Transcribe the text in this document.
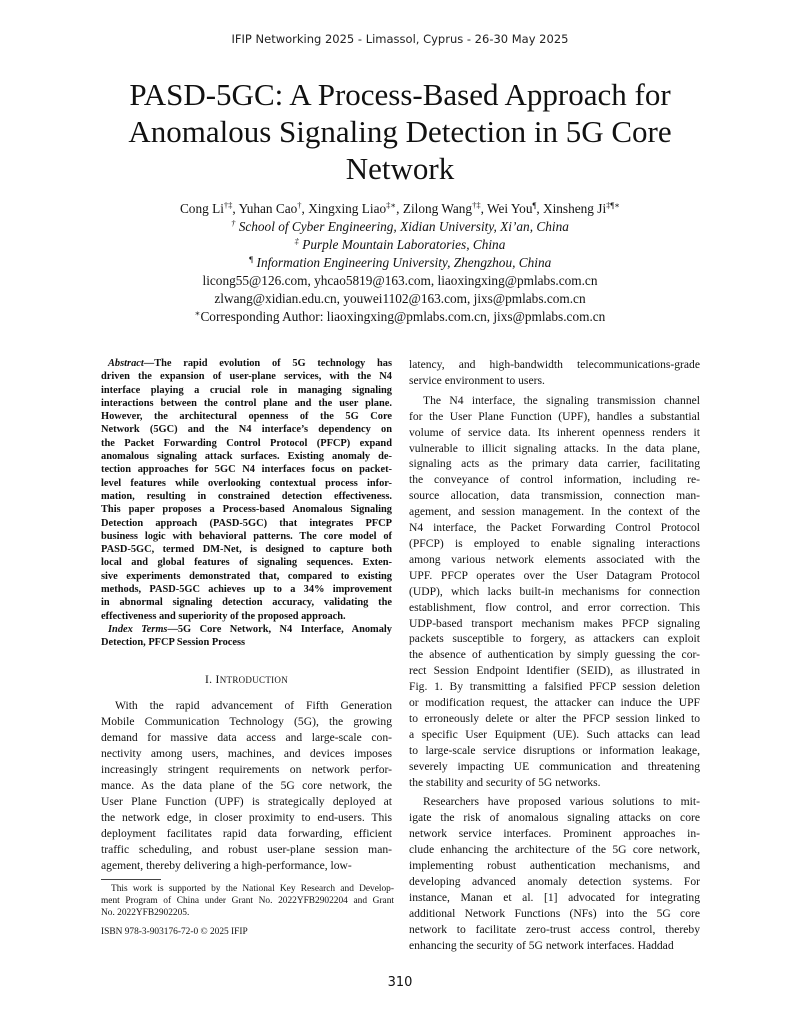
IFIP Networking 2025 - Limassol, Cyprus - 26-30 May 2025
PASD-5GC: A Process-Based Approach for
Anomalous Signaling Detection in 5G Core
Network
Cong Li†‡, Yuhan Cao†, Xingxing Liao‡∗, Zilong Wang†‡, Wei You¶, Xinsheng Ji‡¶∗
† School of Cyber Engineering, Xidian University, Xi’an, China
‡ Purple Mountain Laboratories, China
¶ Information Engineering University, Zhengzhou, China
licong55@126.com, yhcao5819@163.com, liaoxingxing@pmlabs.com.cn
zlwang@xidian.edu.cn, youwei1102@163.com, jixs@pmlabs.com.cn
∗Corresponding Author: liaoxingxing@pmlabs.com.cn, jixs@pmlabs.com.cn
Abstract—The rapid evolution of 5G technology has
driven the expansion of user-plane services, with the N4
interface playing a crucial role in managing signaling
interactions between the control plane and the user plane.
However, the architectural openness of the 5G Core
Network (5GC) and the N4 interface’s dependency on
the Packet Forwarding Control Protocol (PFCP) expand
anomalous signaling attack surfaces. Existing anomaly de-
tection approaches for 5GC N4 interfaces focus on packet-
level features while overlooking contextual process infor-
mation, resulting in constrained detection effectiveness.
This paper proposes a Process-based Anomalous Signaling
Detection approach (PASD-5GC) that integrates PFCP
business logic with behavioral patterns. The core model of
PASD-5GC, termed DM-Net, is designed to capture both
local and global features of signaling sequences. Exten-
sive experiments demonstrated that, compared to existing
methods, PASD-5GC achieves up to a 34% improvement
in abnormal signaling detection accuracy, validating the
effectiveness and superiority of the proposed approach.
Index Terms—5G Core Network, N4 Interface, Anomaly
Detection, PFCP Session Process
I. INTRODUCTION
With the rapid advancement of Fifth Generation
Mobile Communication Technology (5G), the growing
demand for massive data access and large-scale con-
nectivity among users, machines, and devices imposes
increasingly stringent requirements on network perfor-
mance. As the data plane of the 5G core network, the
User Plane Function (UPF) is strategically deployed at
the network edge, in closer proximity to end-users. This
deployment facilitates rapid data forwarding, efficient
traffic scheduling, and robust user-plane session man-
agement, thereby delivering a high-performance, low-
latency, and high-bandwidth telecommunications-grade
service environment to users.
The N4 interface, the signaling transmission channel
for the User Plane Function (UPF), handles a substantial
volume of service data. Its inherent openness renders it
vulnerable to illicit signaling attacks. In the data plane,
signaling acts as the primary data carrier, facilitating
the conveyance of control information, including re-
source allocation, data transmission, connection man-
agement, and session management. In the context of the
N4 interface, the Packet Forwarding Control Protocol
(PFCP) is employed to enable signaling interactions
among various network elements associated with the
UPF. PFCP operates over the User Datagram Protocol
(UDP), which lacks built-in mechanisms for connection
establishment, flow control, and error correction. This
UDP-based transport mechanism makes PFCP signaling
packets susceptible to forgery, as attackers can exploit
the absence of authentication by simply guessing the cor-
rect Session Endpoint Identifier (SEID), as illustrated in
Fig. 1. By transmitting a falsified PFCP session deletion
or modification request, the attacker can induce the UPF
to erroneously delete or alter the PFCP session linked to
a specific User Equipment (UE). Such attacks can lead
to large-scale service disruptions or information leakage,
severely impacting UE communication and threatening
the stability and security of 5G networks.
Researchers have proposed various solutions to mit-
igate the risk of anomalous signaling attacks on core
network service interfaces. Prominent approaches in-
clude enhancing the architecture of the 5G core network,
implementing robust authentication mechanisms, and
developing advanced anomaly detection systems. For
instance, Manan et al. [1] advocated for integrating
additional Network Functions (NFs) into the 5G core
network to facilitate zero-trust access control, thereby
enhancing the security of 5G network interfaces. Haddad
This work is supported by the National Key Research and Develop-
ment Program of China under Grant No. 2022YFB2902204 and Grant
No. 2022YFB2902205.
ISBN 978-3-903176-72-0 © 2025 IFIP
310
